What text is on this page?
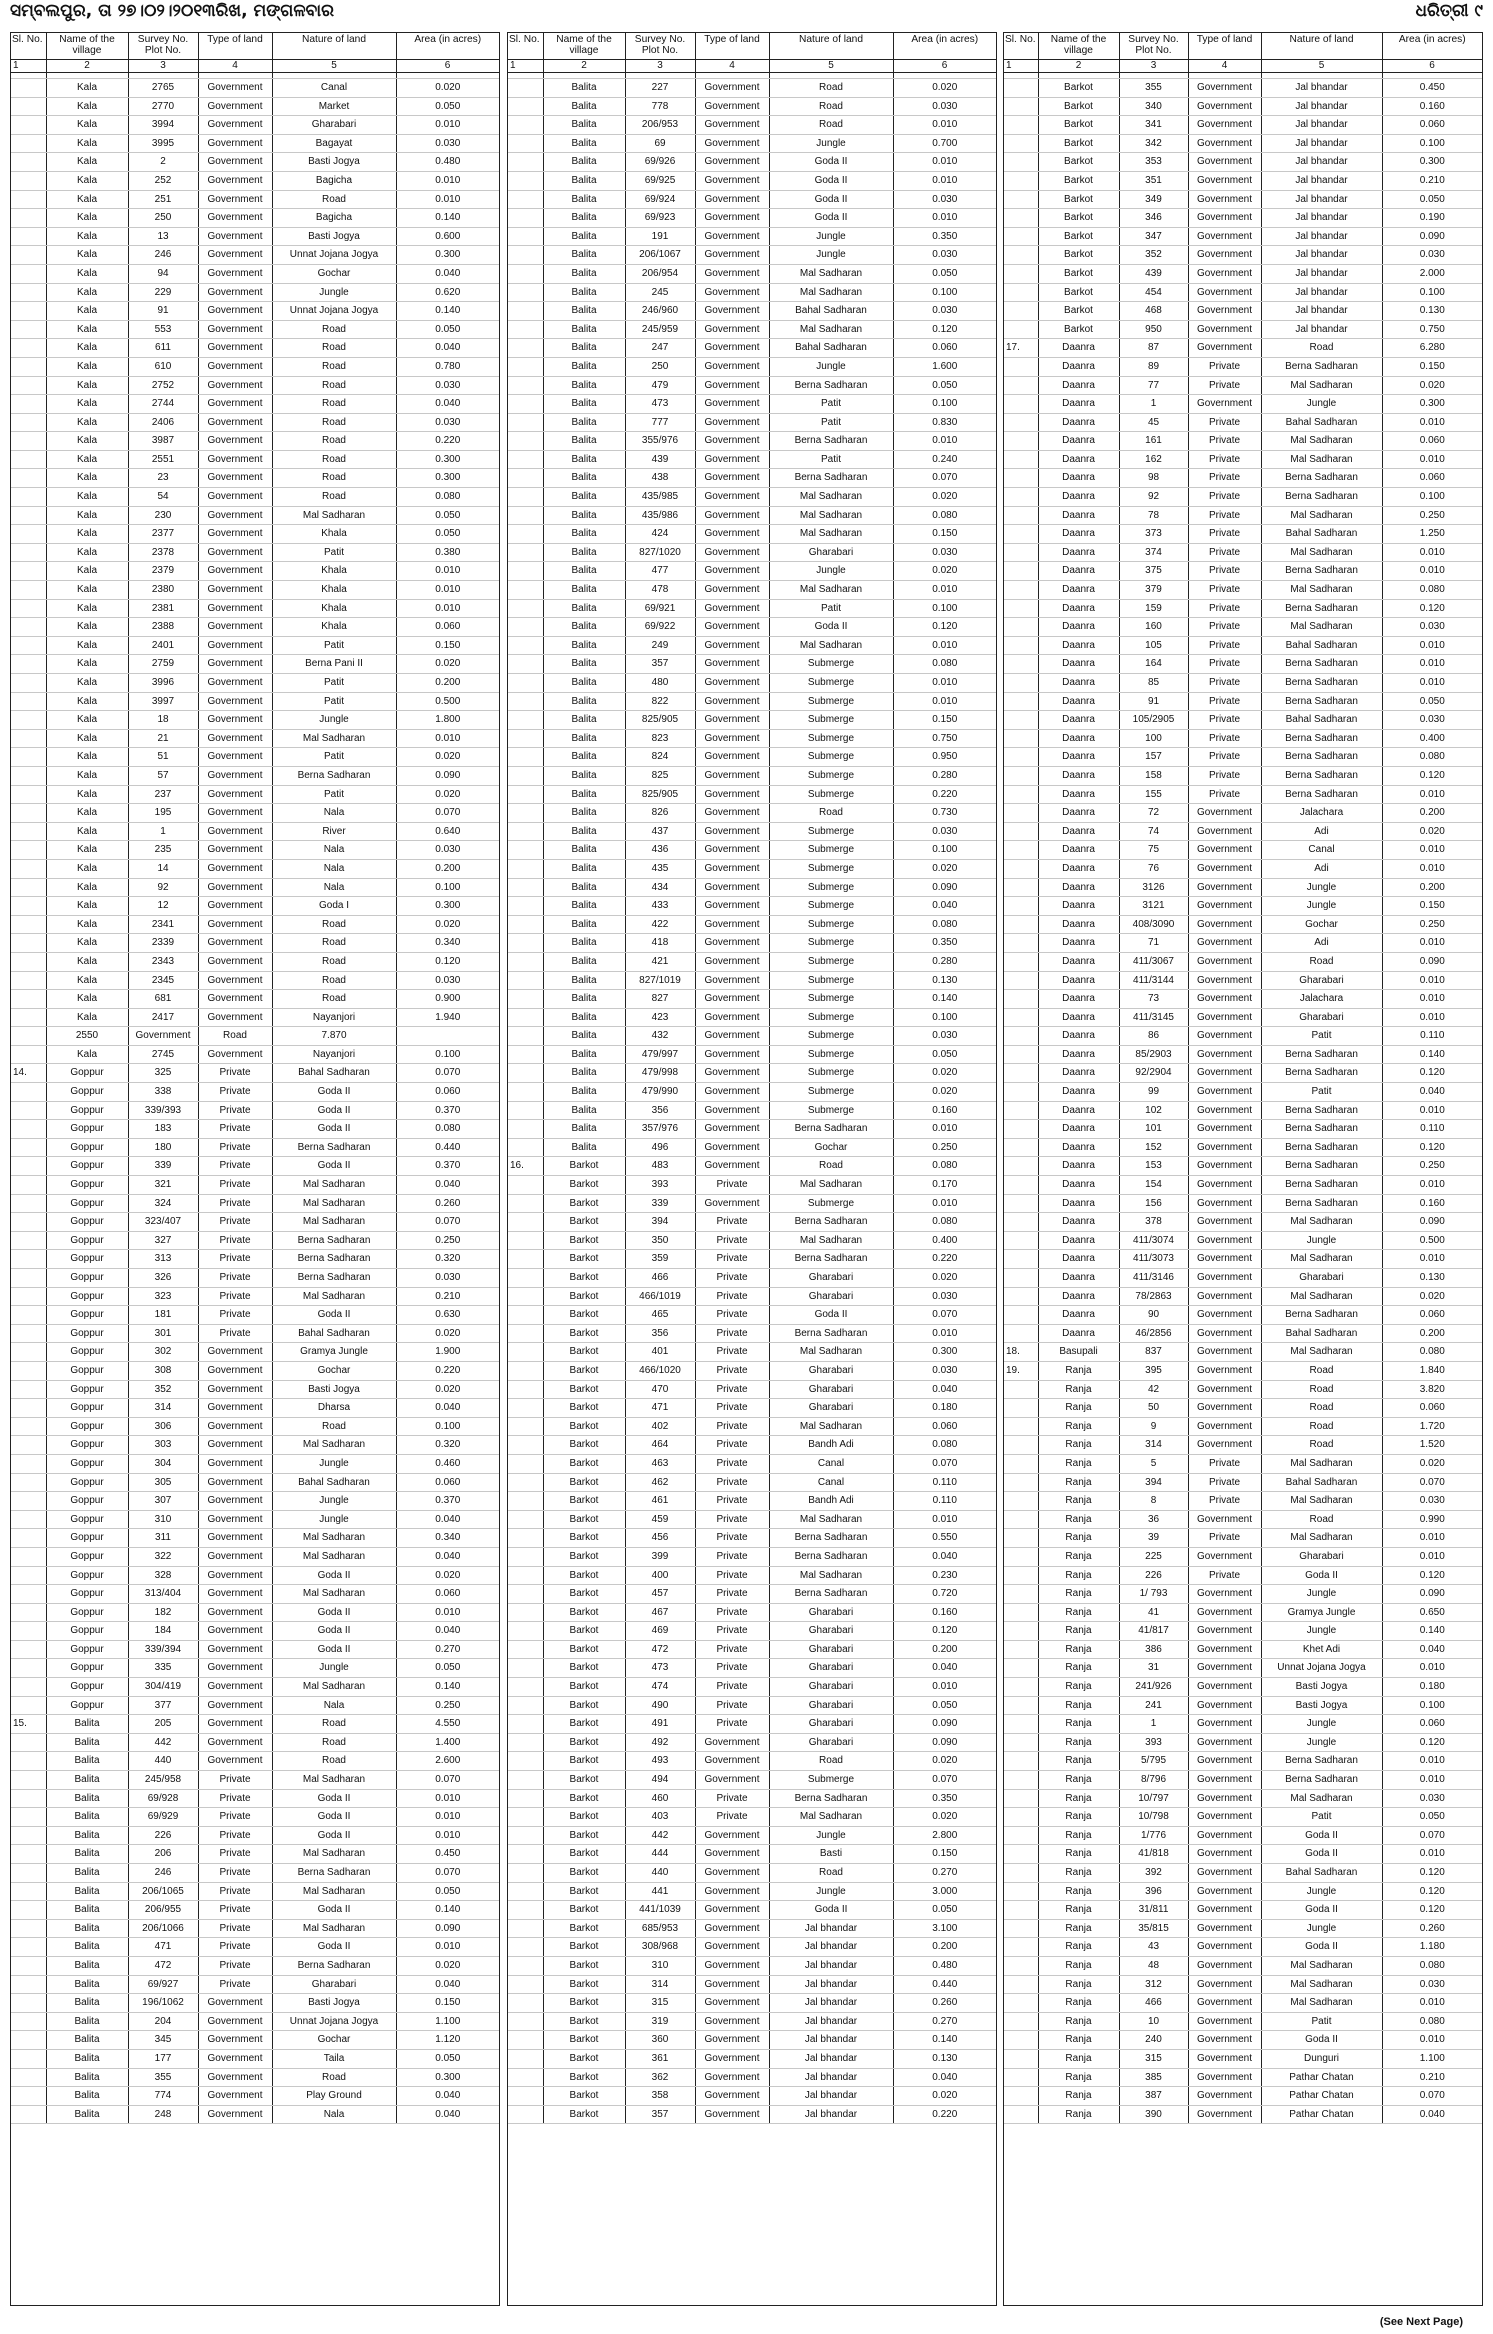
ସମ୍ବଲପୁର, ତା ୨୭।୦୨।୨୦୧୩ରିଖ, ମଙ୍ଗଳବାର	ଧରିତ୍ରୀ ୯
Sl. No.	Name of the village	Survey No. Plot No.	Type of land	Nature of land	Area (in acres)
1	2	3	4	5	6

	Kala	2765	Government	Canal	0.020
	Kala	2770	Government	Market	0.050
	Kala	3994	Government	Gharabari	0.010
	Kala	3995	Government	Bagayat	0.030
	Kala	2	Government	Basti Jogya	0.480
	Kala	252	Government	Bagicha	0.010
	Kala	251	Government	Road	0.010
	Kala	250	Government	Bagicha	0.140
	Kala	13	Government	Basti Jogya	0.600
	Kala	246	Government	Unnat Jojana Jogya	0.300
	Kala	94	Government	Gochar	0.040
	Kala	229	Government	Jungle	0.620
	Kala	91	Government	Unnat Jojana Jogya	0.140
	Kala	553	Government	Road	0.050
	Kala	611	Government	Road	0.040
	Kala	610	Government	Road	0.780
	Kala	2752	Government	Road	0.030
	Kala	2744	Government	Road	0.040
	Kala	2406	Government	Road	0.030
	Kala	3987	Government	Road	0.220
	Kala	2551	Government	Road	0.300
	Kala	23	Government	Road	0.300
	Kala	54	Government	Road	0.080
	Kala	230	Government	Mal Sadharan	0.050
	Kala	2377	Government	Khala	0.050
	Kala	2378	Government	Patit	0.380
	Kala	2379	Government	Khala	0.010
	Kala	2380	Government	Khala	0.010
	Kala	2381	Government	Khala	0.010
	Kala	2388	Government	Khala	0.060
	Kala	2401	Government	Patit	0.150
	Kala	2759	Government	Berna Pani II	0.020
	Kala	3996	Government	Patit	0.200
	Kala	3997	Government	Patit	0.500
	Kala	18	Government	Jungle	1.800
	Kala	21	Government	Mal Sadharan	0.010
	Kala	51	Government	Patit	0.020
	Kala	57	Government	Berna Sadharan	0.090
	Kala	237	Government	Patit	0.020
	Kala	195	Government	Nala	0.070
	Kala	1	Government	River	0.640
	Kala	235	Government	Nala	0.030
	Kala	14	Government	Nala	0.200
	Kala	92	Government	Nala	0.100
	Kala	12	Government	Goda I	0.300
	Kala	2341	Government	Road	0.020
	Kala	2339	Government	Road	0.340
	Kala	2343	Government	Road	0.120
	Kala	2345	Government	Road	0.030
	Kala	681	Government	Road	0.900
	Kala	2417	Government	Nayanjori	1.940
	2550	Government	Road	7.870	
	Kala	2745	Government	Nayanjori	0.100
14.	Goppur	325	Private	Bahal Sadharan	0.070
	Goppur	338	Private	Goda II	0.060
	Goppur	339/393	Private	Goda II	0.370
	Goppur	183	Private	Goda II	0.080
	Goppur	180	Private	Berna Sadharan	0.440
	Goppur	339	Private	Goda II	0.370
	Goppur	321	Private	Mal Sadharan	0.040
	Goppur	324	Private	Mal Sadharan	0.260
	Goppur	323/407	Private	Mal Sadharan	0.070
	Goppur	327	Private	Berna Sadharan	0.250
	Goppur	313	Private	Berna Sadharan	0.320
	Goppur	326	Private	Berna Sadharan	0.030
	Goppur	323	Private	Mal Sadharan	0.210
	Goppur	181	Private	Goda II	0.630
	Goppur	301	Private	Bahal Sadharan	0.020
	Goppur	302	Government	Gramya Jungle	1.900
	Goppur	308	Government	Gochar	0.220
	Goppur	352	Government	Basti Jogya	0.020
	Goppur	314	Government	Dharsa	0.040
	Goppur	306	Government	Road	0.100
	Goppur	303	Government	Mal Sadharan	0.320
	Goppur	304	Government	Jungle	0.460
	Goppur	305	Government	Bahal Sadharan	0.060
	Goppur	307	Government	Jungle	0.370
	Goppur	310	Government	Jungle	0.040
	Goppur	311	Government	Mal Sadharan	0.340
	Goppur	322	Government	Mal Sadharan	0.040
	Goppur	328	Government	Goda II	0.020
	Goppur	313/404	Government	Mal Sadharan	0.060
	Goppur	182	Government	Goda II	0.010
	Goppur	184	Government	Goda II	0.040
	Goppur	339/394	Government	Goda II	0.270
	Goppur	335	Government	Jungle	0.050
	Goppur	304/419	Government	Mal Sadharan	0.140
	Goppur	377	Government	Nala	0.250
15.	Balita	205	Government	Road	4.550
	Balita	442	Government	Road	1.400
	Balita	440	Government	Road	2.600
	Balita	245/958	Private	Mal Sadharan	0.070
	Balita	69/928	Private	Goda II	0.010
	Balita	69/929	Private	Goda II	0.010
	Balita	226	Private	Goda II	0.010
	Balita	206	Private	Mal Sadharan	0.450
	Balita	246	Private	Berna Sadharan	0.070
	Balita	206/1065	Private	Mal Sadharan	0.050
	Balita	206/955	Private	Goda II	0.140
	Balita	206/1066	Private	Mal Sadharan	0.090
	Balita	471	Private	Goda II	0.010
	Balita	472	Private	Berna Sadharan	0.020
	Balita	69/927	Private	Gharabari	0.040
	Balita	196/1062	Government	Basti Jogya	0.150
	Balita	204	Government	Unnat Jojana Jogya	1.100
	Balita	345	Government	Gochar	1.120
	Balita	177	Government	Taila	0.050
	Balita	355	Government	Road	0.300
	Balita	774	Government	Play Ground	0.040
	Balita	248	Government	Nala	0.040
Sl. No.	Name of the village	Survey No. Plot No.	Type of land	Nature of land	Area (in acres)
1	2	3	4	5	6

	Balita	227	Government	Road	0.020
	Balita	778	Government	Road	0.030
	Balita	206/953	Government	Road	0.010
	Balita	69	Government	Jungle	0.700
	Balita	69/926	Government	Goda II	0.010
	Balita	69/925	Government	Goda II	0.010
	Balita	69/924	Government	Goda II	0.030
	Balita	69/923	Government	Goda II	0.010
	Balita	191	Government	Jungle	0.350
	Balita	206/1067	Government	Jungle	0.030
	Balita	206/954	Government	Mal Sadharan	0.050
	Balita	245	Government	Mal Sadharan	0.100
	Balita	246/960	Government	Bahal Sadharan	0.030
	Balita	245/959	Government	Mal Sadharan	0.120
	Balita	247	Government	Bahal Sadharan	0.060
	Balita	250	Government	Jungle	1.600
	Balita	479	Government	Berna Sadharan	0.050
	Balita	473	Government	Patit	0.100
	Balita	777	Government	Patit	0.830
	Balita	355/976	Government	Berna Sadharan	0.010
	Balita	439	Government	Patit	0.240
	Balita	438	Government	Berna Sadharan	0.070
	Balita	435/985	Government	Mal Sadharan	0.020
	Balita	435/986	Government	Mal Sadharan	0.080
	Balita	424	Government	Mal Sadharan	0.150
	Balita	827/1020	Government	Gharabari	0.030
	Balita	477	Government	Jungle	0.020
	Balita	478	Government	Mal Sadharan	0.010
	Balita	69/921	Government	Patit	0.100
	Balita	69/922	Government	Goda II	0.120
	Balita	249	Government	Mal Sadharan	0.010
	Balita	357	Government	Submerge	0.080
	Balita	480	Government	Submerge	0.010
	Balita	822	Government	Submerge	0.010
	Balita	825/905	Government	Submerge	0.150
	Balita	823	Government	Submerge	0.750
	Balita	824	Government	Submerge	0.950
	Balita	825	Government	Submerge	0.280
	Balita	825/905	Government	Submerge	0.220
	Balita	826	Government	Road	0.730
	Balita	437	Government	Submerge	0.030
	Balita	436	Government	Submerge	0.100
	Balita	435	Government	Submerge	0.020
	Balita	434	Government	Submerge	0.090
	Balita	433	Government	Submerge	0.040
	Balita	422	Government	Submerge	0.080
	Balita	418	Government	Submerge	0.350
	Balita	421	Government	Submerge	0.280
	Balita	827/1019	Government	Submerge	0.130
	Balita	827	Government	Submerge	0.140
	Balita	423	Government	Submerge	0.100
	Balita	432	Government	Submerge	0.030
	Balita	479/997	Government	Submerge	0.050
	Balita	479/998	Government	Submerge	0.020
	Balita	479/990	Government	Submerge	0.020
	Balita	356	Government	Submerge	0.160
	Balita	357/976	Government	Berna Sadharan	0.010
	Balita	496	Government	Gochar	0.250
16.	Barkot	483	Government	Road	0.080
	Barkot	393	Private	Mal Sadharan	0.170
	Barkot	339	Government	Submerge	0.010
	Barkot	394	Private	Berna Sadharan	0.080
	Barkot	350	Private	Mal Sadharan	0.400
	Barkot	359	Private	Berna Sadharan	0.220
	Barkot	466	Private	Gharabari	0.020
	Barkot	466/1019	Private	Gharabari	0.030
	Barkot	465	Private	Goda II	0.070
	Barkot	356	Private	Berna Sadharan	0.010
	Barkot	401	Private	Mal Sadharan	0.300
	Barkot	466/1020	Private	Gharabari	0.030
	Barkot	470	Private	Gharabari	0.040
	Barkot	471	Private	Gharabari	0.180
	Barkot	402	Private	Mal Sadharan	0.060
	Barkot	464	Private	Bandh Adi	0.080
	Barkot	463	Private	Canal	0.070
	Barkot	462	Private	Canal	0.110
	Barkot	461	Private	Bandh Adi	0.110
	Barkot	459	Private	Mal Sadharan	0.010
	Barkot	456	Private	Berna Sadharan	0.550
	Barkot	399	Private	Berna Sadharan	0.040
	Barkot	400	Private	Mal Sadharan	0.230
	Barkot	457	Private	Berna Sadharan	0.720
	Barkot	467	Private	Gharabari	0.160
	Barkot	469	Private	Gharabari	0.120
	Barkot	472	Private	Gharabari	0.200
	Barkot	473	Private	Gharabari	0.040
	Barkot	474	Private	Gharabari	0.010
	Barkot	490	Private	Gharabari	0.050
	Barkot	491	Private	Gharabari	0.090
	Barkot	492	Government	Gharabari	0.090
	Barkot	493	Government	Road	0.020
	Barkot	494	Government	Submerge	0.070
	Barkot	460	Private	Berna Sadharan	0.350
	Barkot	403	Private	Mal Sadharan	0.020
	Barkot	442	Government	Jungle	2.800
	Barkot	444	Government	Basti	0.150
	Barkot	440	Government	Road	0.270
	Barkot	441	Government	Jungle	3.000
	Barkot	441/1039	Government	Goda II	0.050
	Barkot	685/953	Government	Jal bhandar	3.100
	Barkot	308/968	Government	Jal bhandar	0.200
	Barkot	310	Government	Jal bhandar	0.480
	Barkot	314	Government	Jal bhandar	0.440
	Barkot	315	Government	Jal bhandar	0.260
	Barkot	319	Government	Jal bhandar	0.270
	Barkot	360	Government	Jal bhandar	0.140
	Barkot	361	Government	Jal bhandar	0.130
	Barkot	362	Government	Jal bhandar	0.040
	Barkot	358	Government	Jal bhandar	0.020
	Barkot	357	Government	Jal bhandar	0.220
Sl. No.	Name of the village	Survey No. Plot No.	Type of land	Nature of land	Area (in acres)
1	2	3	4	5	6

	Barkot	355	Government	Jal bhandar	0.450
	Barkot	340	Government	Jal bhandar	0.160
	Barkot	341	Government	Jal bhandar	0.060
	Barkot	342	Government	Jal bhandar	0.100
	Barkot	353	Government	Jal bhandar	0.300
	Barkot	351	Government	Jal bhandar	0.210
	Barkot	349	Government	Jal bhandar	0.050
	Barkot	346	Government	Jal bhandar	0.190
	Barkot	347	Government	Jal bhandar	0.090
	Barkot	352	Government	Jal bhandar	0.030
	Barkot	439	Government	Jal bhandar	2.000
	Barkot	454	Government	Jal bhandar	0.100
	Barkot	468	Government	Jal bhandar	0.130
	Barkot	950	Government	Jal bhandar	0.750
17.	Daanra	87	Government	Road	6.280
	Daanra	89	Private	Berna Sadharan	0.150
	Daanra	77	Private	Mal Sadharan	0.020
	Daanra	1	Government	Jungle	0.300
	Daanra	45	Private	Bahal Sadharan	0.010
	Daanra	161	Private	Mal Sadharan	0.060
	Daanra	162	Private	Mal Sadharan	0.010
	Daanra	98	Private	Berna Sadharan	0.060
	Daanra	92	Private	Berna Sadharan	0.100
	Daanra	78	Private	Mal Sadharan	0.250
	Daanra	373	Private	Bahal Sadharan	1.250
	Daanra	374	Private	Mal Sadharan	0.010
	Daanra	375	Private	Berna Sadharan	0.010
	Daanra	379	Private	Mal Sadharan	0.080
	Daanra	159	Private	Berna Sadharan	0.120
	Daanra	160	Private	Mal Sadharan	0.030
	Daanra	105	Private	Bahal Sadharan	0.010
	Daanra	164	Private	Berna Sadharan	0.010
	Daanra	85	Private	Berna Sadharan	0.010
	Daanra	91	Private	Berna Sadharan	0.050
	Daanra	105/2905	Private	Bahal Sadharan	0.030
	Daanra	100	Private	Berna Sadharan	0.400
	Daanra	157	Private	Berna Sadharan	0.080
	Daanra	158	Private	Berna Sadharan	0.120
	Daanra	155	Private	Berna Sadharan	0.010
	Daanra	72	Government	Jalachara	0.200
	Daanra	74	Government	Adi	0.020
	Daanra	75	Government	Canal	0.010
	Daanra	76	Government	Adi	0.010
	Daanra	3126	Government	Jungle	0.200
	Daanra	3121	Government	Jungle	0.150
	Daanra	408/3090	Government	Gochar	0.250
	Daanra	71	Government	Adi	0.010
	Daanra	411/3067	Government	Road	0.090
	Daanra	411/3144	Government	Gharabari	0.010
	Daanra	73	Government	Jalachara	0.010
	Daanra	411/3145	Government	Gharabari	0.010
	Daanra	86	Government	Patit	0.110
	Daanra	85/2903	Government	Berna Sadharan	0.140
	Daanra	92/2904	Government	Berna Sadharan	0.120
	Daanra	99	Government	Patit	0.040
	Daanra	102	Government	Berna Sadharan	0.010
	Daanra	101	Government	Berna Sadharan	0.110
	Daanra	152	Government	Berna Sadharan	0.120
	Daanra	153	Government	Berna Sadharan	0.250
	Daanra	154	Government	Berna Sadharan	0.010
	Daanra	156	Government	Berna Sadharan	0.160
	Daanra	378	Government	Mal Sadharan	0.090
	Daanra	411/3074	Government	Jungle	0.500
	Daanra	411/3073	Government	Mal Sadharan	0.010
	Daanra	411/3146	Government	Gharabari	0.130
	Daanra	78/2863	Government	Mal Sadharan	0.020
	Daanra	90	Government	Berna Sadharan	0.060
	Daanra	46/2856	Government	Bahal Sadharan	0.200
18.	Basupali	837	Government	Mal Sadharan	0.080
19.	Ranja	395	Government	Road	1.840
	Ranja	42	Government	Road	3.820
	Ranja	50	Government	Road	0.060
	Ranja	9	Government	Road	1.720
	Ranja	314	Government	Road	1.520
	Ranja	5	Private	Mal Sadharan	0.020
	Ranja	394	Private	Bahal Sadharan	0.070
	Ranja	8	Private	Mal Sadharan	0.030
	Ranja	36	Government	Road	0.990
	Ranja	39	Private	Mal Sadharan	0.010
	Ranja	225	Government	Gharabari	0.010
	Ranja	226	Private	Goda II	0.120
	Ranja	1/ 793	Government	Jungle	0.090
	Ranja	41	Government	Gramya Jungle	0.650
	Ranja	41/817	Government	Jungle	0.140
	Ranja	386	Government	Khet Adi	0.040
	Ranja	31	Government	Unnat Jojana Jogya	0.010
	Ranja	241/926	Government	Basti Jogya	0.180
	Ranja	241	Government	Basti Jogya	0.100
	Ranja	1	Government	Jungle	0.060
	Ranja	393	Government	Jungle	0.120
	Ranja	5/795	Government	Berna Sadharan	0.010
	Ranja	8/796	Government	Berna Sadharan	0.010
	Ranja	10/797	Government	Mal Sadharan	0.030
	Ranja	10/798	Government	Patit	0.050
	Ranja	1/776	Government	Goda II	0.070
	Ranja	41/818	Government	Goda II	0.010
	Ranja	392	Government	Bahal Sadharan	0.120
	Ranja	396	Government	Jungle	0.120
	Ranja	31/811	Government	Goda II	0.120
	Ranja	35/815	Government	Jungle	0.260
	Ranja	43	Government	Goda II	1.180
	Ranja	48	Government	Mal Sadharan	0.080
	Ranja	312	Government	Mal Sadharan	0.030
	Ranja	466	Government	Mal Sadharan	0.010
	Ranja	10	Government	Patit	0.080
	Ranja	240	Government	Goda II	0.010
	Ranja	315	Government	Dunguri	1.100
	Ranja	385	Government	Pathar Chatan	0.210
	Ranja	387	Government	Pathar Chatan	0.070
	Ranja	390	Government	Pathar Chatan	0.040
(See Next Page)
